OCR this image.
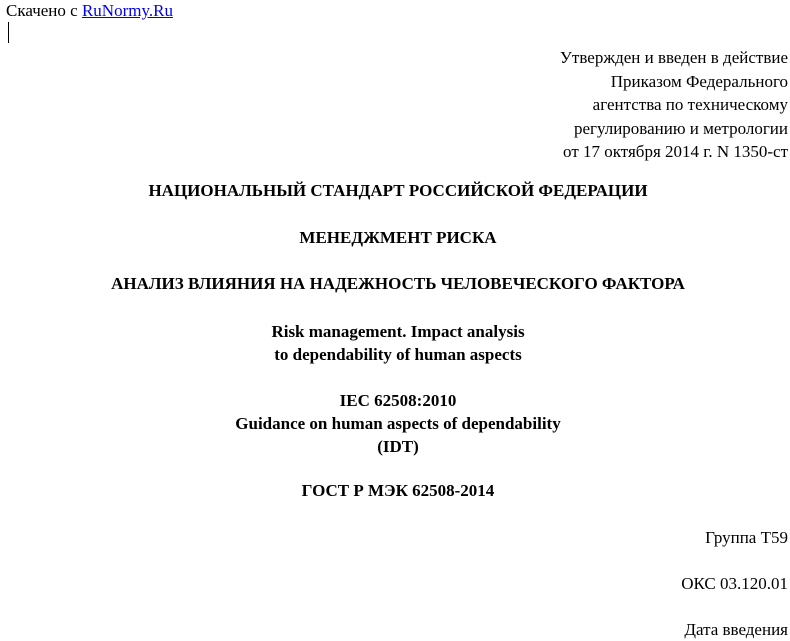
Скачено с RuNormy.Ru
Утвержден и введен в действие
Приказом Федерального
агентства по техническому
регулированию и метрологии
от 17 октября 2014 г. N 1350-ст
НАЦИОНАЛЬНЫЙ СТАНДАРТ РОССИЙСКОЙ ФЕДЕРАЦИИ
МЕНЕДЖМЕНТ РИСКА
АНАЛИЗ ВЛИЯНИЯ НА НАДЕЖНОСТЬ ЧЕЛОВЕЧЕСКОГО ФАКТОРА
Risk management. Impact analysis
to dependability of human aspects
IEC 62508:2010
Guidance on human aspects of dependability
(IDT)
ГОСТ Р МЭК 62508-2014
Группа Т59
ОКС 03.120.01
Дата введения
